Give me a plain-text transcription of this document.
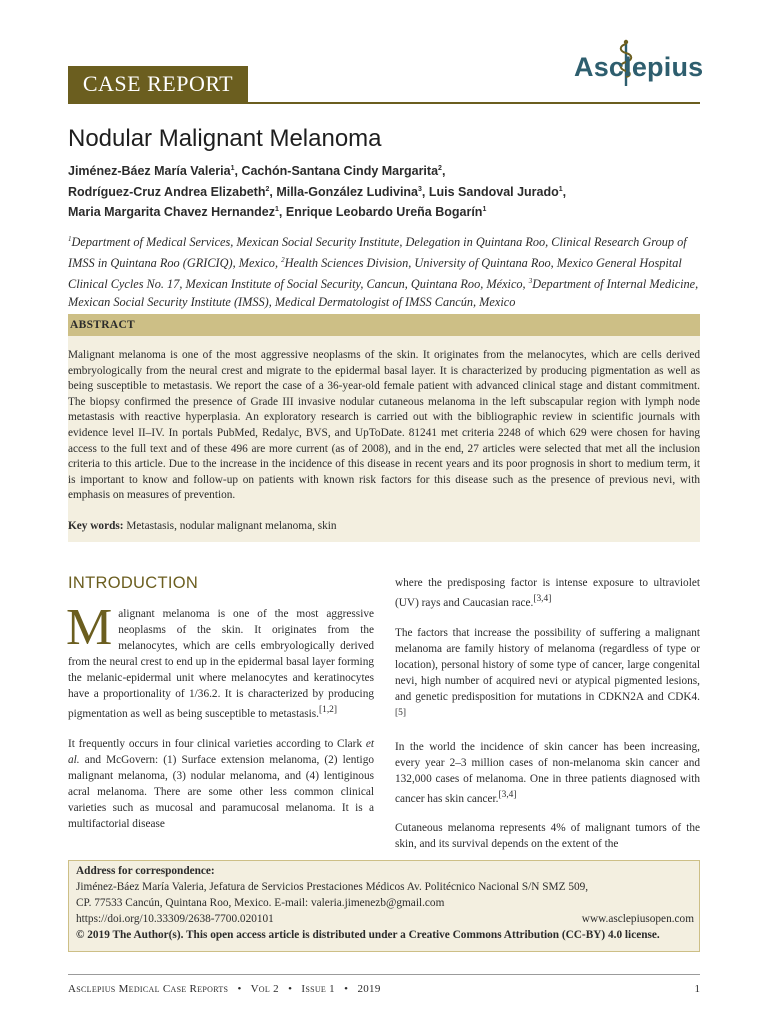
CASE REPORT
Asclepius
Nodular Malignant Melanoma
Jiménez-Báez María Valeria$^1$, Cachón-Santana Cindy Margarita$^2$,
Rodríguez-Cruz Andrea Elizabeth$^2$, Milla-González Ludivina$^3$, Luis Sandoval Jurado$^1$,
Maria Margarita Chavez Hernandez$^1$, Enrique Leobardo Ureña Bogarín$^1$
$^1$Department of Medical Services, Mexican Social Security Institute, Delegation in Quintana Roo, Clinical Research Group of IMSS in Quintana Roo (GRICIQ), Mexico, $^2$Health Sciences Division, University of Quintana Roo, Mexico General Hospital Clinical Cycles No. 17, Mexican Institute of Social Security, Cancun, Quintana Roo, México, $^3$Department of Internal Medicine, Mexican Social Security Institute (IMSS), Medical Dermatologist of IMSS Cancún, Mexico
ABSTRACT
Malignant melanoma is one of the most aggressive neoplasms of the skin. It originates from the melanocytes, which are cells derived embryologically from the neural crest and migrate to the epidermal basal layer. It is characterized by producing pigmentation as well as being susceptible to metastasis. We report the case of a 36-year-old female patient with advanced clinical stage and distant commitment. The biopsy confirmed the presence of Grade III invasive nodular cutaneous melanoma in the left subscapular region with lymph node metastasis with reactive hyperplasia. An exploratory research is carried out with the bibliographic review in scientific journals with evidence level II–IV. In portals PubMed, Redalyc, BVS, and UpToDate. 81241 met criteria 2248 of which 629 were chosen for having access to the full text and of these 496 are more current (as of 2008), and in the end, 27 articles were selected that met all the inclusion criteria to this article. Due to the increase in the incidence of this disease in recent years and its poor prognosis in short to medium term, it is important to know and follow-up on patients with known risk factors for this disease such as the presence of previous nevi, with emphasis on measures of prevention.
Key words: Metastasis, nodular malignant melanoma, skin
INTRODUCTION

Malignant melanoma is one of the most aggressive neoplasms of the skin. It originates from the melanocytes, which are cells embryologically derived from the neural crest to end up in the epidermal basal layer forming the melanic-epidermal unit where melanocytes and keratinocytes have a proportionality of 1/36.2. It is characterized by producing pigmentation as well as being susceptible to metastasis.[1,2]

It frequently occurs in four clinical varieties according to Clark et al. and McGovern: (1) Surface extension melanoma, (2) lentigo malignant melanoma, (3) nodular melanoma, and (4) lentiginous acral melanoma. There are some other less common clinical varieties such as mucosal and paramucosal melanoma. It is a multifactorial disease

where the predisposing factor is intense exposure to ultraviolet (UV) rays and Caucasian race.[3,4]

The factors that increase the possibility of suffering a malignant melanoma are family history of melanoma (regardless of type or location), personal history of some type of cancer, large congenital nevi, high number of acquired nevi or atypical pigmented lesions, and genetic predisposition for mutations in CDKN2A and CDK4.[5]

In the world the incidence of skin cancer has been increasing, every year 2–3 million cases of non-melanoma skin cancer and 132,000 cases of melanoma. One in three patients diagnosed with cancer has skin cancer.[3,4]

Cutaneous melanoma represents 4% of malignant tumors of the skin, and its survival depends on the extent of the

Address for correspondence:
Jiménez-Báez María Valeria, Jefatura de Servicios Prestaciones Médicos Av. Politécnico Nacional S/N SMZ 509,
CP. 77533 Cancún, Quintana Roo, Mexico. E-mail: valeria.jimenezb@gmail.com
https://doi.org/10.33309/2638-7700.020101	www.asclepiusopen.com
© 2019 The Author(s). This open access article is distributed under a Creative Commons Attribution (CC-BY) 4.0 license.
Asclepius Medical Case Reports • Vol 2 • Issue 1 • 2019	1
